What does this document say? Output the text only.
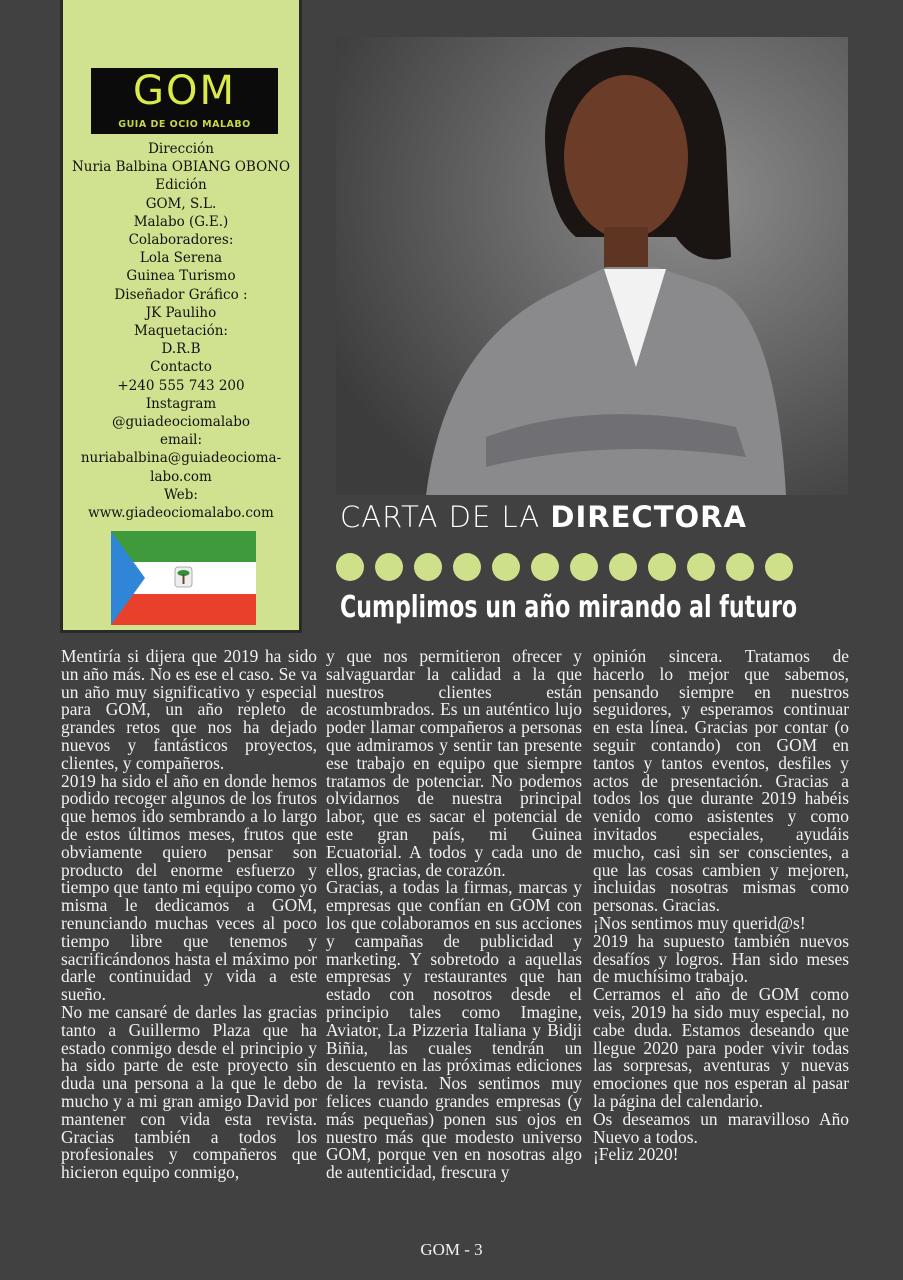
GOM
GUIA DE OCIO MALABO
Dirección
Nuria Balbina OBIANG OBONO
Edición
GOM, S.L.
Malabo (G.E.)
Colaboradores:
Lola Serena
Guinea Turismo
Diseñador Gráfico :
JK Pauliho
Maquetación:
D.R.B
Contacto
+240 555 743 200
Instagram
@guiadeociomalabo
email:
nuriabalbina@guiadeocioma-
labo.com
Web:
www.giadeociomalabo.com	CARTA DE LA DIRECTORA
Cumplimos un año mirando al futuro

Mentiría si dijera que 2019 ha sido un año más. No es ese el caso. Se va un año muy significativo y especial para GOM, un año repleto de grandes retos que nos ha dejado nuevos y fantásticos proyectos, clientes, y compañeros.

2019 ha sido el año en donde hemos podido recoger algunos de los frutos que hemos ido sembrando a lo largo de estos últimos meses, frutos que obviamente quiero pensar son producto del enorme esfuerzo y tiempo que tanto mi equipo como yo misma le dedicamos a GOM, renunciando muchas veces al poco tiempo libre que tenemos y sacrificándonos hasta el máximo por darle continuidad y vida a este sueño.

No me cansaré de darles las gracias tanto a Guillermo Plaza que ha estado conmigo desde el principio y ha sido parte de este proyecto sin duda una persona a la que le debo mucho y a mi gran amigo David por mantener con vida esta revista. Gracias también a todos los profesionales y compañeros que hicieron equipo conmigo,

y que nos permitieron ofrecer y salvaguardar la calidad a la que nuestros clientes están acostumbrados. Es un auténtico lujo poder llamar compañeros a personas que admiramos y sentir tan presente ese trabajo en equipo que siempre tratamos de potenciar. No podemos olvidarnos de nuestra principal labor, que es sacar el potencial de este gran país, mi Guinea Ecuatorial. A todos y cada uno de ellos, gracias, de corazón.

Gracias, a todas la firmas, marcas y empresas que confían en GOM con los que colaboramos en sus acciones y campañas de publicidad y marketing. Y sobretodo a aquellas empresas y restaurantes que han estado con nosotros desde el principio tales como Imagine, Aviator, La Pizzeria Italiana y Bidji Biñia, las cuales tendrán un descuento en las próximas ediciones de la revista. Nos sentimos muy felices cuando grandes empresas (y más pequeñas) ponen sus ojos en nuestro más que modesto universo GOM, porque ven en nosotras algo de autenticidad, frescura y

opinión sincera. Tratamos de hacerlo lo mejor que sabemos, pensando siempre en nuestros seguidores, y esperamos continuar en esta línea. Gracias por contar (o seguir contando) con GOM en tantos y tantos eventos, desfiles y actos de presentación. Gracias a todos los que durante 2019 habéis venido como asistentes y como invitados especiales, ayudáis mucho, casi sin ser conscientes, a que las cosas cambien y mejoren, incluidas nosotras mismas como personas. Gracias.

¡Nos sentimos muy querid@s!

2019 ha supuesto también nuevos desafíos y logros. Han sido meses de muchísimo trabajo.

Cerramos el año de GOM como veis, 2019 ha sido muy especial, no cabe duda. Estamos deseando que llegue 2020 para poder vivir todas las sorpresas, aventuras y nuevas emociones que nos esperan al pasar la página del calendario.

Os deseamos un maravilloso Año Nuevo a todos.

¡Feliz 2020!

GOM - 3
